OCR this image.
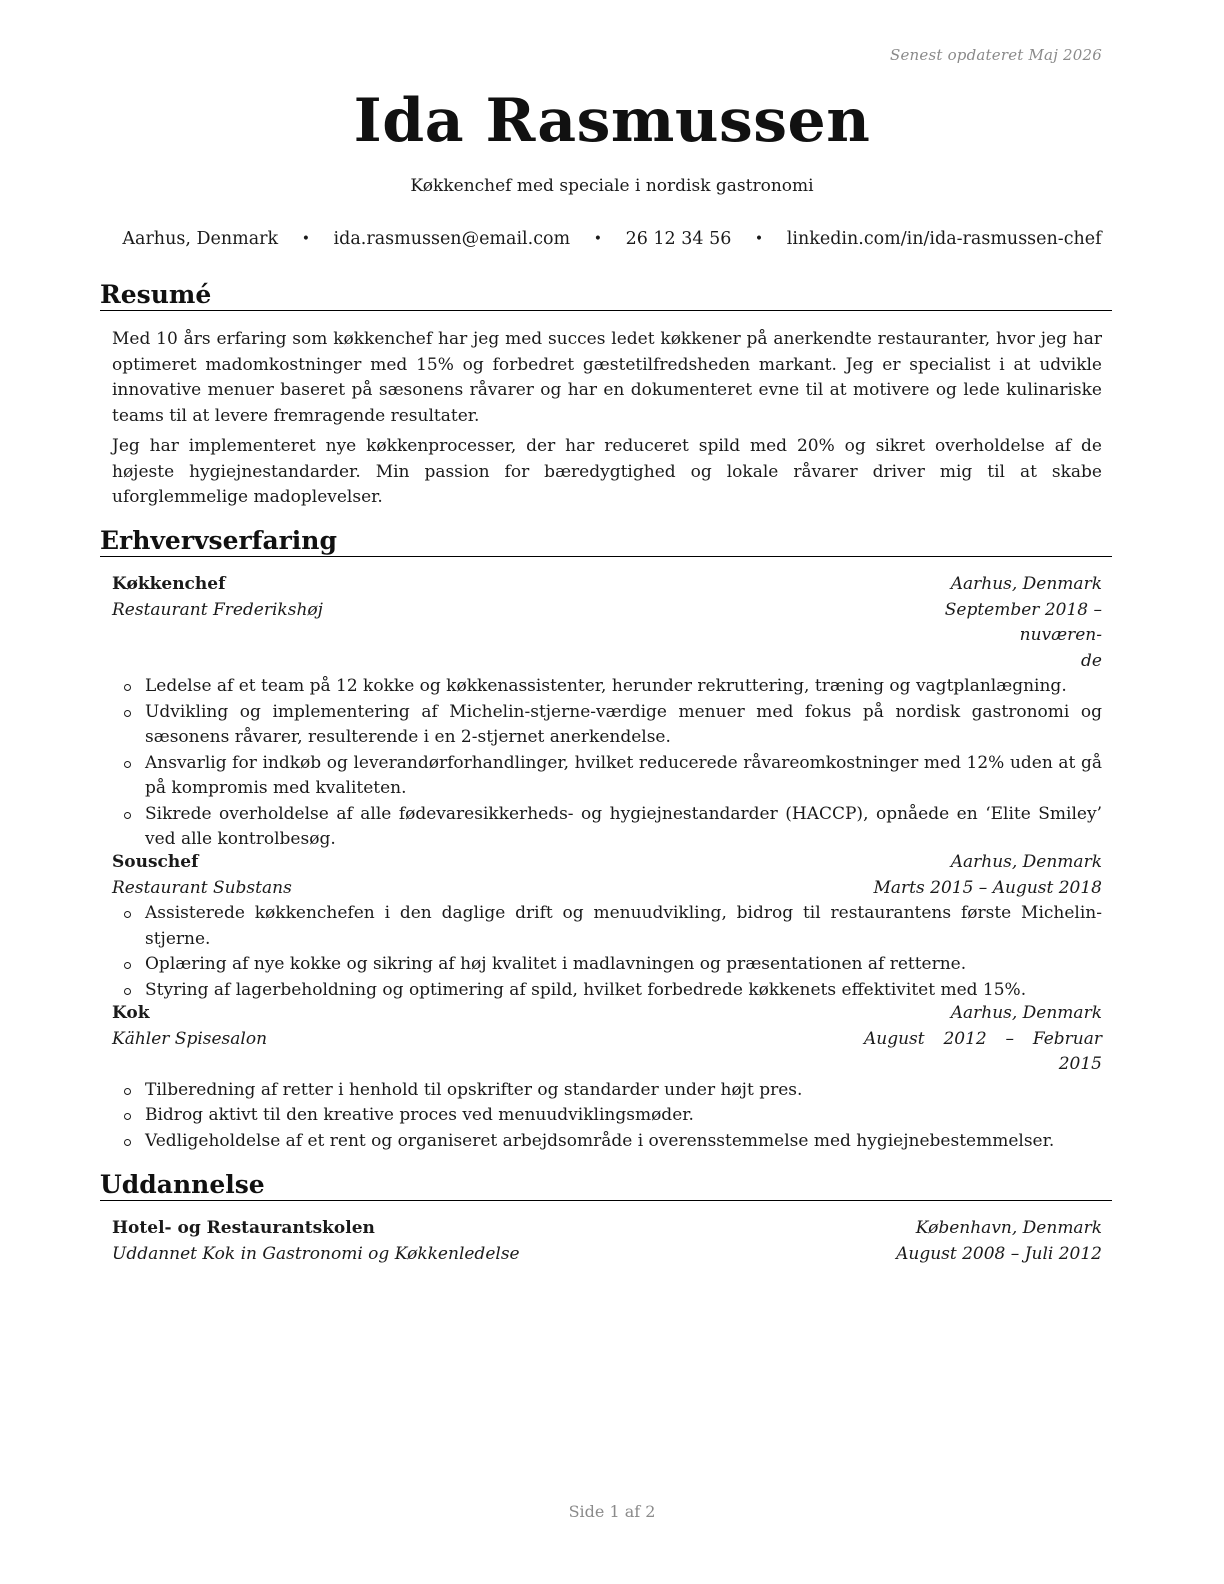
Senest opdateret Maj 2026
Ida Rasmussen
Køkkenchef med speciale i nordisk gastronomi
Aarhus, Denmark • ida.rasmussen@email.com • 26 12 34 56 • linkedin.com/in/ida-rasmussen-chef
Resumé

Med 10 års erfaring som køkkenchef har jeg med succes ledet køkkener på anerkendte restauranter, hvor jeg har optimeret madomkostninger med 15% og forbedret gæstetilfredsheden markant. Jeg er specialist i at udvikle innovative menuer baseret på sæsonens råvarer og har en dokumenteret evne til at motivere og lede kulinariske teams til at levere fremragende resultater.

Jeg har implementeret nye køkkenprocesser, der har reduceret spild med 20% og sikret overholdelse af de højeste hygiejnestandarder. Min passion for bæredygtighed og lokale råvarer driver mig til at skabe uforglemmelige madoplevelser.

Erhvervserfaring
Køkkenchef	Aarhus, Denmark
Restaurant Frederikshøj	September 2018 – nuværen-
de
Ledelse af et team på 12 kokke og køkkenassistenter, herunder rekruttering, træning og vagtplanlægning.
Udvikling og implementering af Michelin-stjerne-værdige menuer med fokus på nordisk gastronomi og sæsonens råvarer, resulterende i en 2-stjernet anerkendelse.
Ansvarlig for indkøb og leverandørforhandlinger, hvilket reducerede råvareomkostninger med 12% uden at gå på kompromis med kvaliteten.
Sikrede overholdelse af alle fødevaresikkerheds- og hygiejnestandarder (HACCP), opnåede en ‘Elite Smiley’ ved alle kontrolbesøg.
Souschef	Aarhus, Denmark
Restaurant Substans	Marts 2015 – August 2018
Assisterede køkkenchefen i den daglige drift og menuudvikling, bidrog til restaurantens første Michelin-stjerne.
Oplæring af nye kokke og sikring af høj kvalitet i madlavningen og præsentationen af retterne.
Styring af lagerbeholdning og optimering af spild, hvilket forbedrede køkkenets effektivitet med 15%.
Kok	Aarhus, Denmark
Kähler Spisesalon	August 2012 – Februar 2015
Tilberedning af retter i henhold til opskrifter og standarder under højt pres.
Bidrog aktivt til den kreative proces ved menuudviklingsmøder.
Vedligeholdelse af et rent og organiseret arbejdsområde i overensstemmelse med hygiejnebestemmelser.
Uddannelse
Hotel- og Restaurantskolen	København, Denmark
Uddannet Kok in Gastronomi og Køkkenledelse	August 2008 – Juli 2012
Side 1 af 2
